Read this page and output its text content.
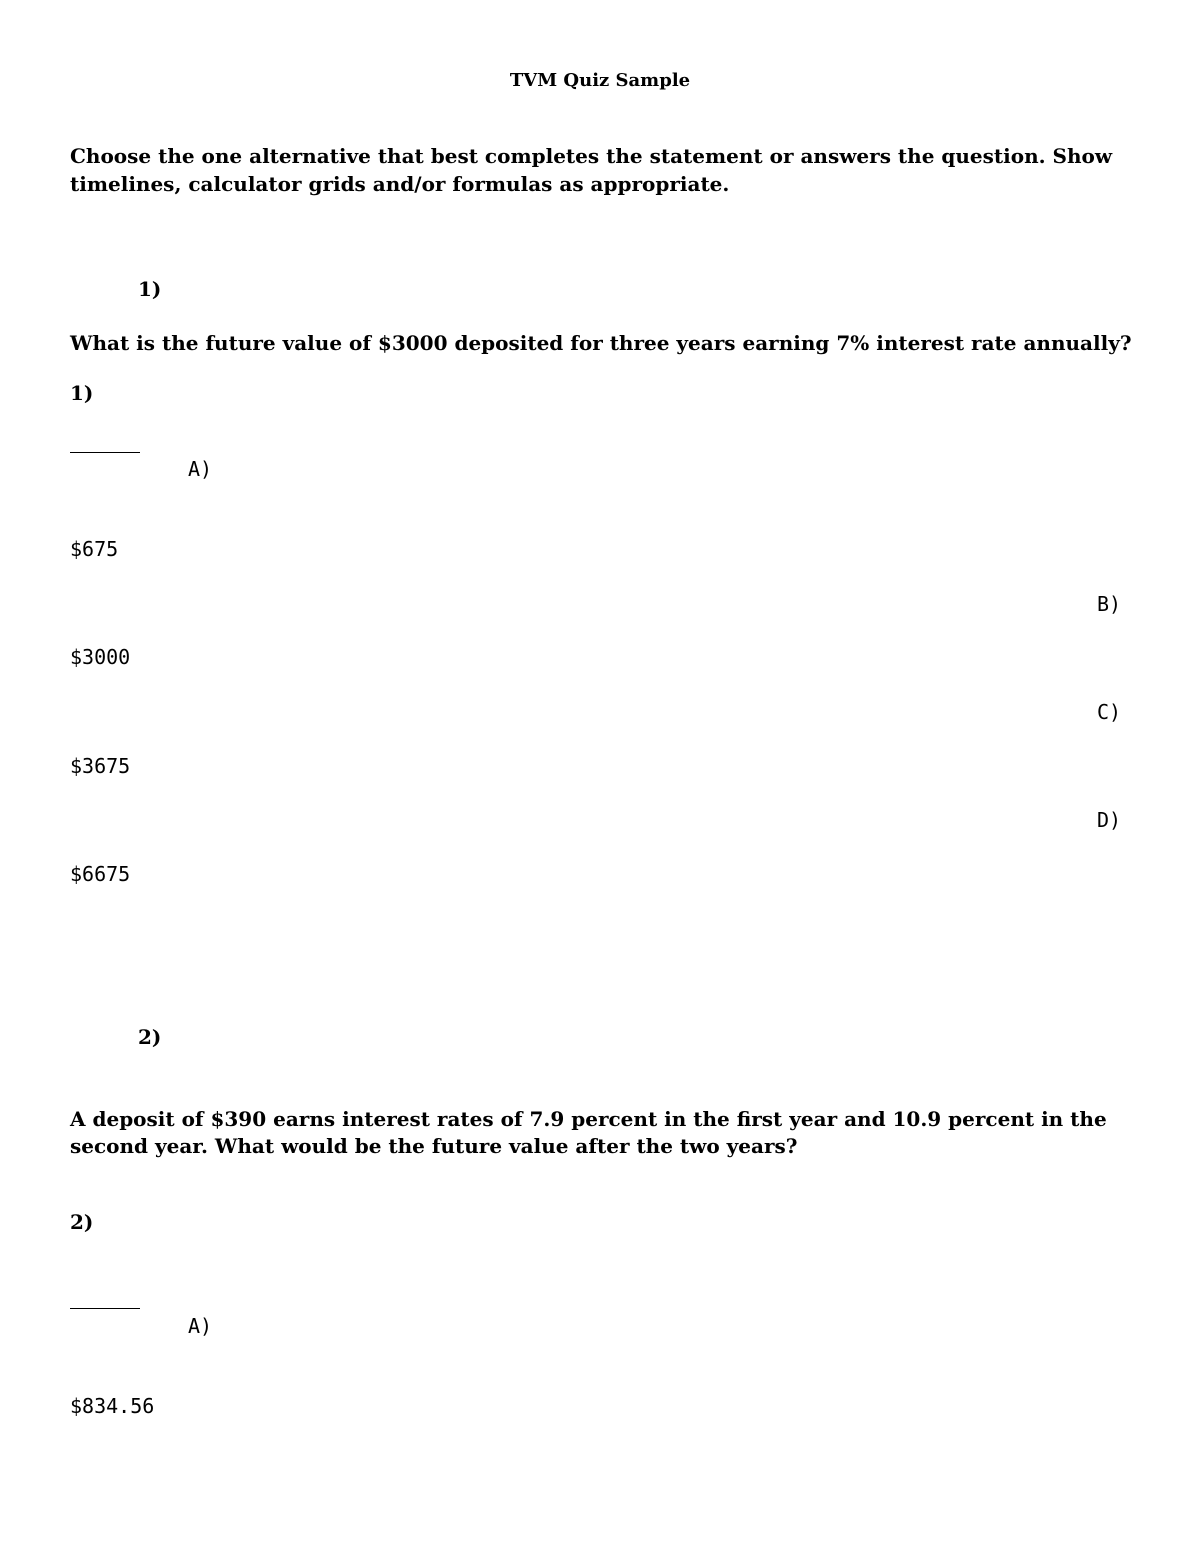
TVM Quiz Sample
Choose the one alternative that best completes the statement or answers the question. Show timelines, calculator grids and/or formulas as appropriate.
1)
What is the future value of $3000 deposited for three years earning 7% interest rate annually?
1)
A)
$675
B)
$3000
C)
$3675
D)
$6675
2)
A deposit of $390 earns interest rates of 7.9 percent in the first year and 10.9 percent in the second year. What would be the future value after the two years?
2)
A)
$834.56
